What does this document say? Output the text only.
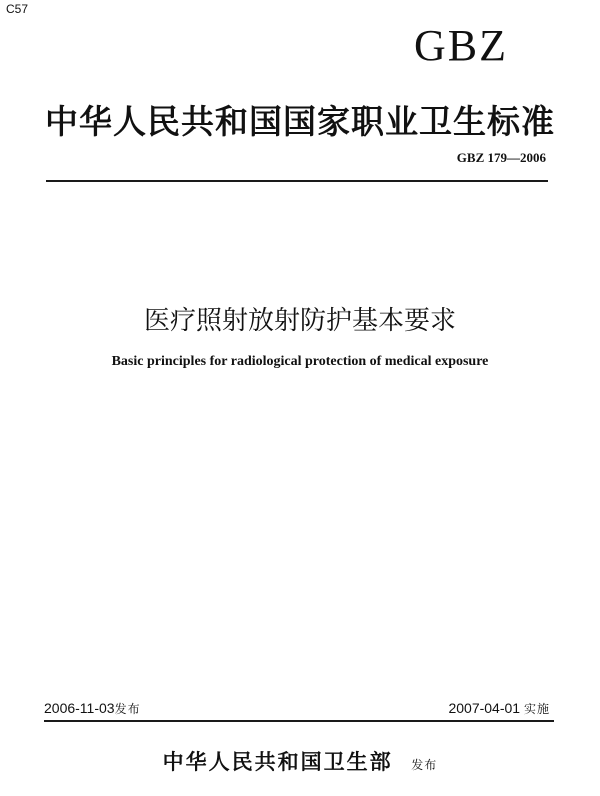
C57
GBZ
中华人民共和国国家职业卫生标准
GBZ 179—2006
医疗照射放射防护基本要求
Basic principles for radiological protection of medical exposure
2006-11-03发布	2007-04-01 实施
中华人民共和国卫生部 发布
